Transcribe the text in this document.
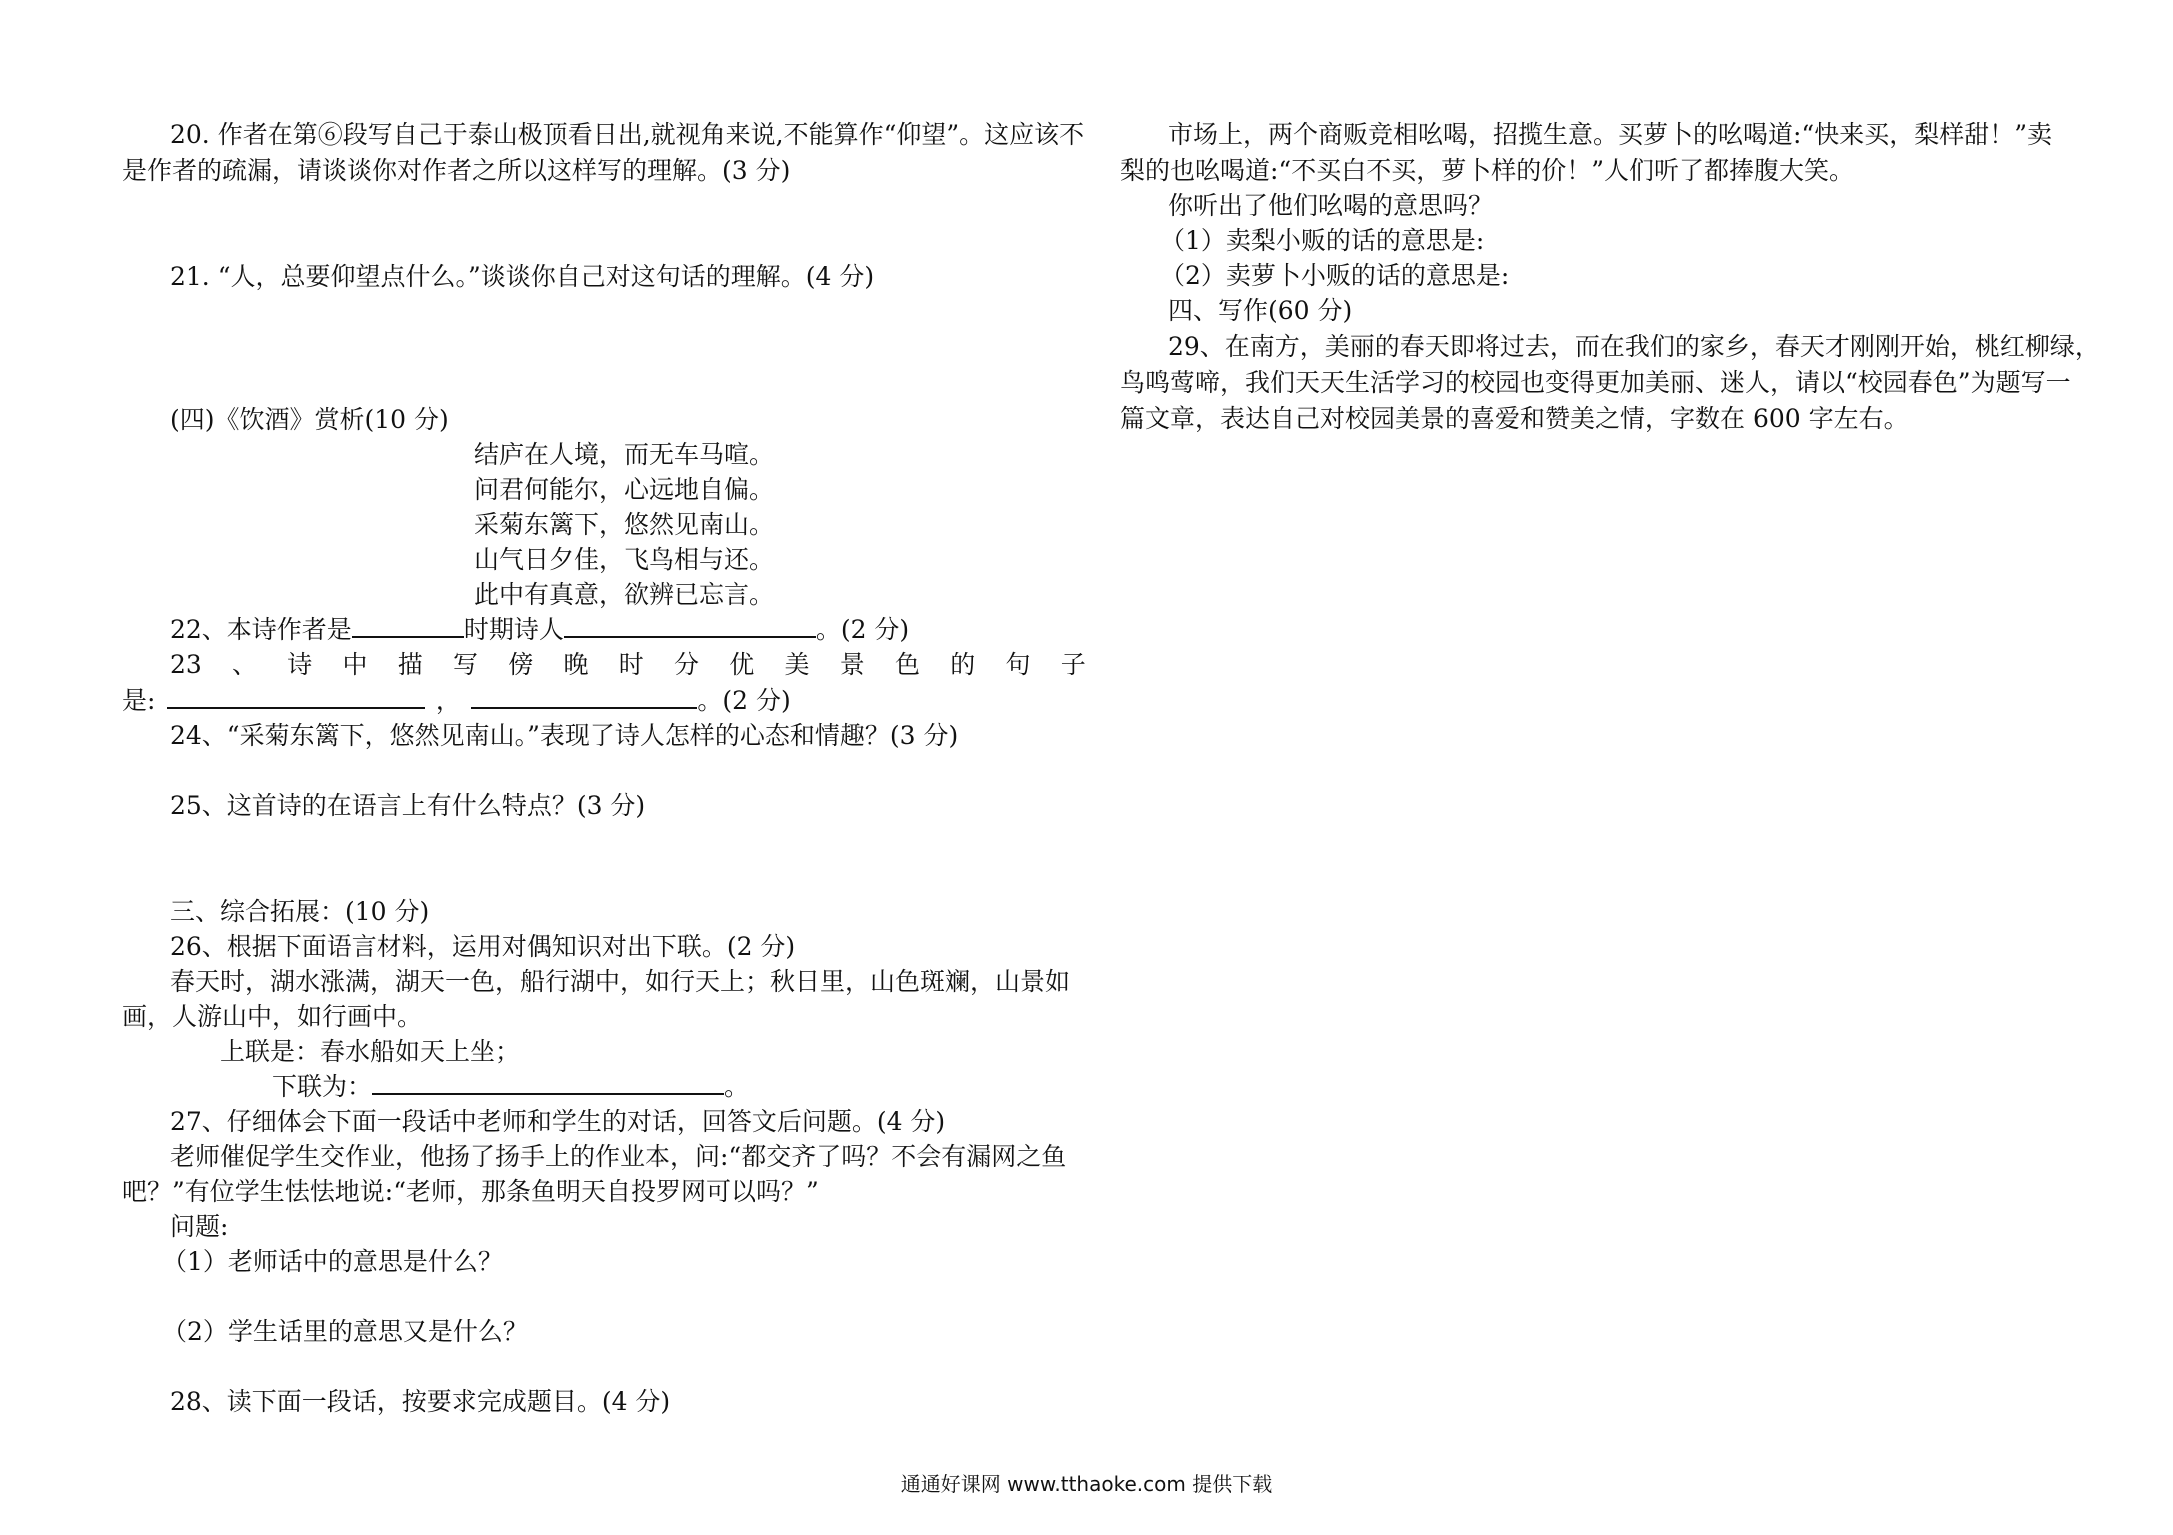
20. 作者在第⑥段写自己于泰山极顶看日出,就视角来说,不能算作“仰望”。这应该不
是作者的疏漏，请谈谈你对作者之所以这样写的理解。(3 分)
21. “人，总要仰望点什么。”谈谈你自己对这句话的理解。(4 分)
(四)《饮酒》赏析(10 分)
结庐在人境，而无车马喧。
问君何能尔，心远地自偏。
采菊东篱下，悠然见南山。
山气日夕佳，飞鸟相与还。
此中有真意，欲辨已忘言。
22、本诗作者是	时期诗人	。(2 分)
23 、 诗 中 描 写 傍 晚 时 分 优 美 景 色 的 句 子
是:	，	。(2 分)
24、“采菊东篱下，悠然见南山。”表现了诗人怎样的心态和情趣？(3 分)
25、这首诗的在语言上有什么特点？(3 分)
三、综合拓展：(10 分)
26、根据下面语言材料，运用对偶知识对出下联。(2 分)
春天时，湖水涨满，湖天一色，船行湖中，如行天上；秋日里，山色斑斓，山景如
画，人游山中，如行画中。
上联是：春水船如天上坐；
下联为：	。
27、仔细体会下面一段话中老师和学生的对话，回答文后问题。(4 分)
老师催促学生交作业，他扬了扬手上的作业本，问:“都交齐了吗？不会有漏网之鱼
吧？”有位学生怯怯地说:“老师，那条鱼明天自投罗网可以吗？”
问题:
（1）老师话中的意思是什么？
（2）学生话里的意思又是什么？
28、读下面一段话，按要求完成题目。(4 分)
市场上，两个商贩竞相吆喝，招揽生意。买萝卜的吆喝道:“快来买，梨样甜！”卖
梨的也吆喝道:“不买白不买，萝卜样的价！”人们听了都捧腹大笑。
你听出了他们吆喝的意思吗？
（1）卖梨小贩的话的意思是:
（2）卖萝卜小贩的话的意思是:
四、写作(60 分)
29、在南方，美丽的春天即将过去，而在我们的家乡，春天才刚刚开始，桃红柳绿，
鸟鸣莺啼，我们天天生活学习的校园也变得更加美丽、迷人，请以“校园春色”为题写一
篇文章，表达自己对校园美景的喜爱和赞美之情，字数在 600 字左右。
通通好课网 www.tthaoke.com 提供下载
